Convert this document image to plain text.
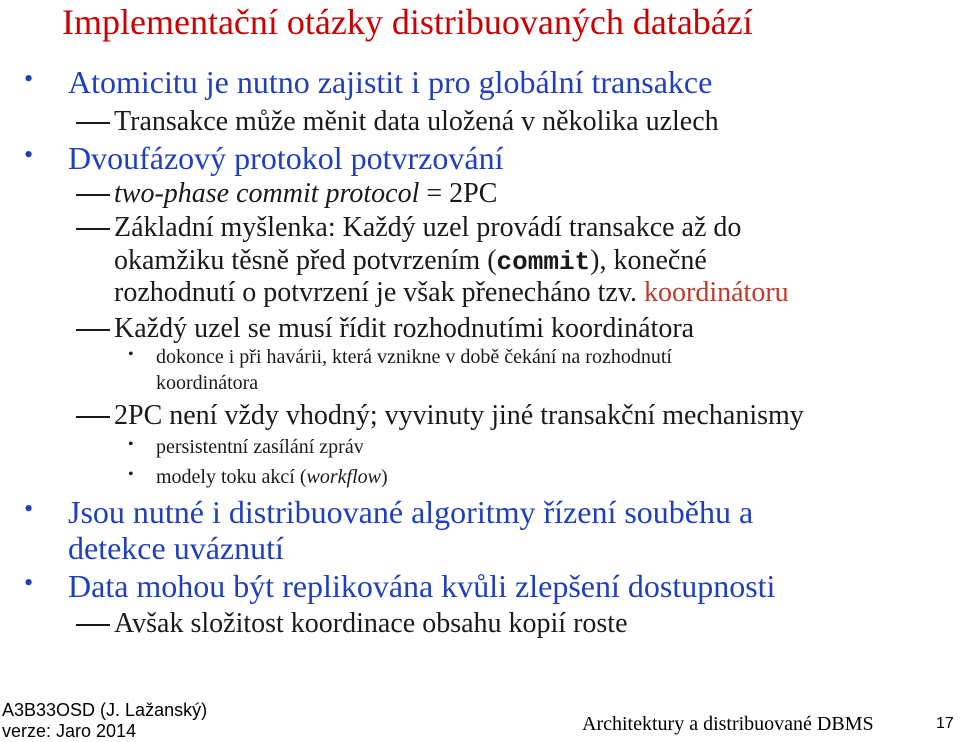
Implementační otázky distribuovaných databází
• Atomicitu je nutno zajistit i pro globální transakce
Transakce může měnit data uložená v několika uzlech
• Dvoufázový protokol potvrzování
two-phase commit protocol = 2PC
Základní myšlenka: Každý uzel provádí transakce až do
okamžiku těsně před potvrzením (commit), konečné
rozhodnutí o potvrzení je však přenecháno tzv. koordinátoru
Každý uzel se musí řídit rozhodnutími koordinátora
• dokonce i při havárii, která vznikne v době čekání na rozhodnutí
koordinátora
2PC není vždy vhodný; vyvinuty jiné transakční mechanismy
• persistentní zasílání zpráv
• modely toku akcí (workflow)
• Jsou nutné i distribuované algoritmy řízení souběhu a
detekce uváznutí
• Data mohou být replikována kvůli zlepšení dostupnosti
Avšak složitost koordinace obsahu kopií roste
A3B33OSD (J. Lažanský)
verze: Jaro 2014	Architektury a distribuované DBMS	17
